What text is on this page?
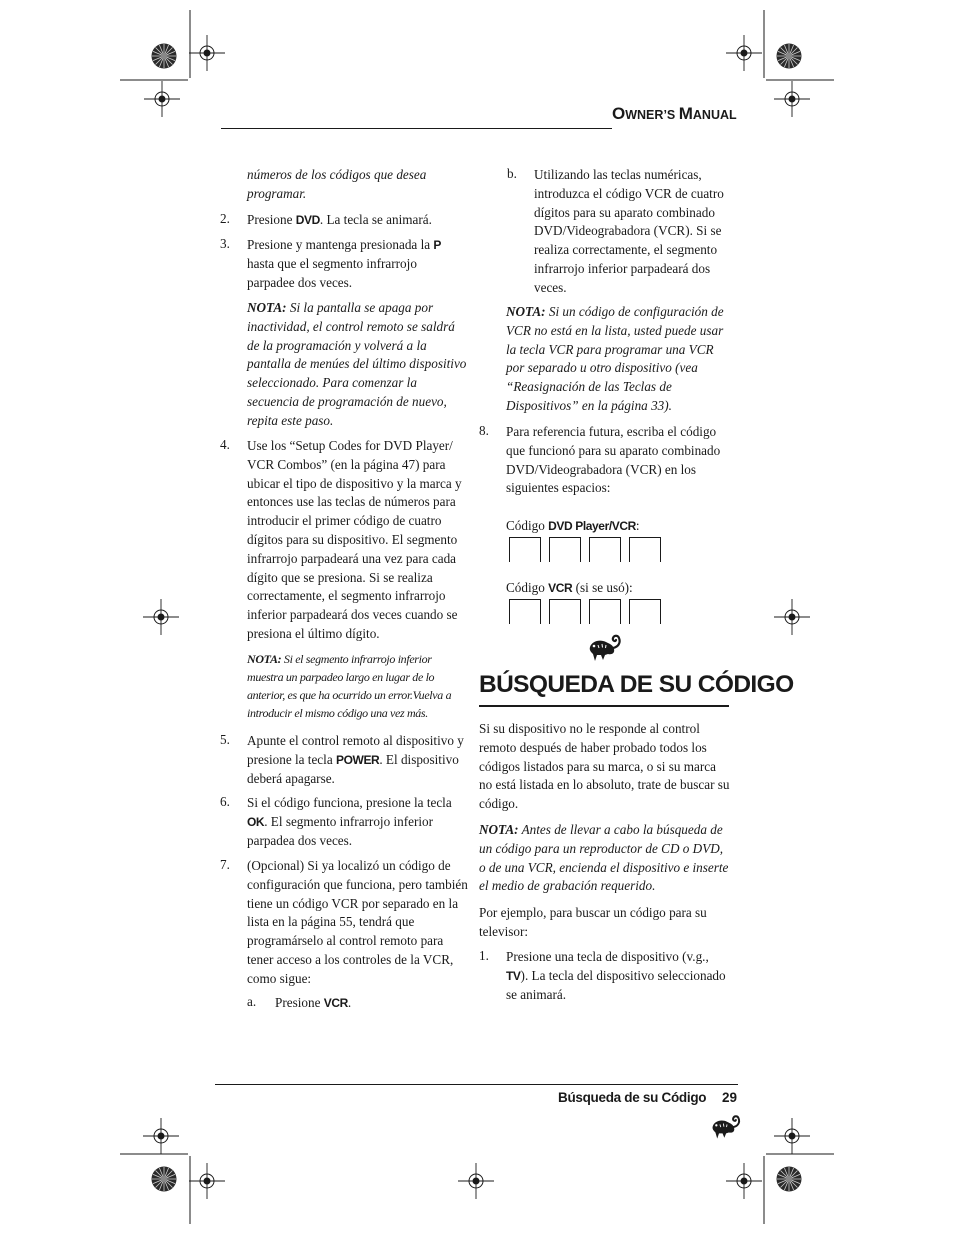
OWNER’S MANUAL
números de los códigos que desea programar.
2. Presione DVD. La tecla se animará.
3. Presione y mantenga presionada la P hasta que el segmento infrarrojo parpadee dos veces.
NOTA: Si la pantalla se apaga por inactividad, el control remoto se saldrá de la programación y volverá a la pantalla de menúes del último dispositivo seleccionado. Para comenzar la secuencia de programación de nuevo, repita este paso.
4. Use los “Setup Codes for DVD Player/ VCR Combos” (en la página 47) para ubicar el tipo de dispositivo y la marca y entonces use las teclas de números para introducir el primer código de cuatro dígitos para su dispositivo. El segmento infrarrojo parpadeará una vez para cada dígito que se presiona. Si se realiza correctamente, el segmento infrarrojo inferior parpadeará dos veces cuando se presiona el último dígito.
NOTA: Si el segmento infrarrojo inferior muestra un parpadeo largo en lugar de lo anterior, es que ha ocurrido un error.Vuelva a introducir el mismo código una vez más.
5. Apunte el control remoto al dispositivo y presione la tecla POWER. El dispositivo deberá apagarse.
6. Si el código funciona, presione la tecla OK. El segmento infrarrojo inferior parpadea dos veces.
7. (Opcional) Si ya localizó un código de configuración que funciona, pero también tiene un código VCR por separado en la lista en la página 55, tendrá que programárselo al control remoto para tener acceso a los controles de la VCR, como sigue:
a. Presione VCR.
b. Utilizando las teclas numéricas, introduzca el código VCR de cuatro dígitos para su aparato combinado DVD/Videograbadora (VCR). Si se realiza correctamente, el segmento infrarrojo inferior parpadeará dos veces.
NOTA: Si un código de configuración de VCR no está en la lista, usted puede usar la tecla VCR para programar una VCR por separado u otro dispositivo (vea “Reasignación de las Teclas de Dispositivos” en la página 33).
8. Para referencia futura, escriba el código que funcionó para su aparato combinado DVD/Videograbadora (VCR) en los siguientes espacios:
Código DVD Player/VCR:
Código VCR (si se usó):
BÚSQUEDA DE SU CÓDIGO
Si su dispositivo no le responde al control remoto después de haber probado todos los códigos listados para su marca, o si su marca no está listada en lo absoluto, trate de buscar su código.
NOTA: Antes de llevar a cabo la búsqueda de un código para un reproductor de CD o DVD, o de una VCR, encienda el dispositivo e inserte el medio de grabación requerido.
Por ejemplo, para buscar un código para su televisor:
1. Presione una tecla de dispositivo (v.g., TV). La tecla del dispositivo seleccionado se animará.
Búsqueda de su Código 29
